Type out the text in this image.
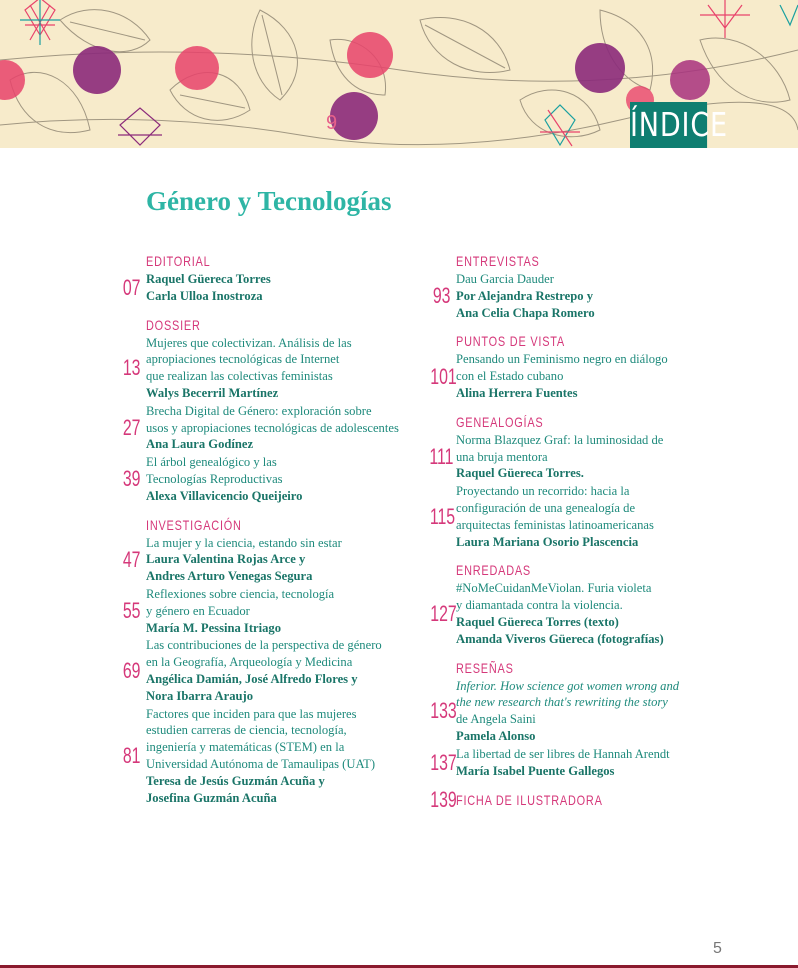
9	ÍNDICE
Género y Tecnologías
EDITORIAL
07 Raquel Güereca Torres
Carla Ulloa Inostroza
DOSSIER
13
Mujeres que colectivizan. Análisis de las
apropiaciones tecnológicas de Internet
que realizan las colectivas feministas
Walys Becerril Martínez
27
Brecha Digital de Género: exploración sobre
usos y apropiaciones tecnológicas de adolescentes
Ana Laura Godínez
39
El árbol genealógico y las
Tecnologías Reproductivas
Alexa Villavicencio Queijeiro
INVESTIGACIÓN
47
La mujer y la ciencia, estando sin estar
Laura Valentina Rojas Arce y
Andres Arturo Venegas Segura
55
Reflexiones sobre ciencia, tecnología
y género en Ecuador
María M. Pessina Itriago
69
Las contribuciones de la perspectiva de género
en la Geografía, Arqueología y Medicina
Angélica Damián, José Alfredo Flores y
Nora Ibarra Araujo
81
Factores que inciden para que las mujeres
estudien carreras de ciencia, tecnología,
ingeniería y matemáticas (STEM) en la
Universidad Autónoma de Tamaulipas (UAT)
Teresa de Jesús Guzmán Acuña y
Josefina Guzmán Acuña
ENTREVISTAS
93
Dau Garcia Dauder
Por Alejandra Restrepo y
Ana Celia Chapa Romero
PUNTOS DE VISTA
101
Pensando un Feminismo negro en diálogo
con el Estado cubano
Alina Herrera Fuentes
GENEALOGÍAS
111
Norma Blazquez Graf: la luminosidad de
una bruja mentora
Raquel Güereca Torres.
115
Proyectando un recorrido: hacia la
configuración de una genealogía de
arquitectas feministas latinoamericanas
Laura Mariana Osorio Plascencia
ENREDADAS
127
#NoMeCuidanMeViolan. Furia violeta
y diamantada contra la violencia.
Raquel Güereca Torres (texto)
Amanda Viveros Güereca (fotografías)
RESEÑAS
133
Inferior. How science got women wrong and
the new research that's rewriting the story
de Angela Saini
Pamela Alonso
137 La libertad de ser libres de Hannah Arendt
María Isabel Puente Gallegos
139 FICHA DE ILUSTRADORA
5
